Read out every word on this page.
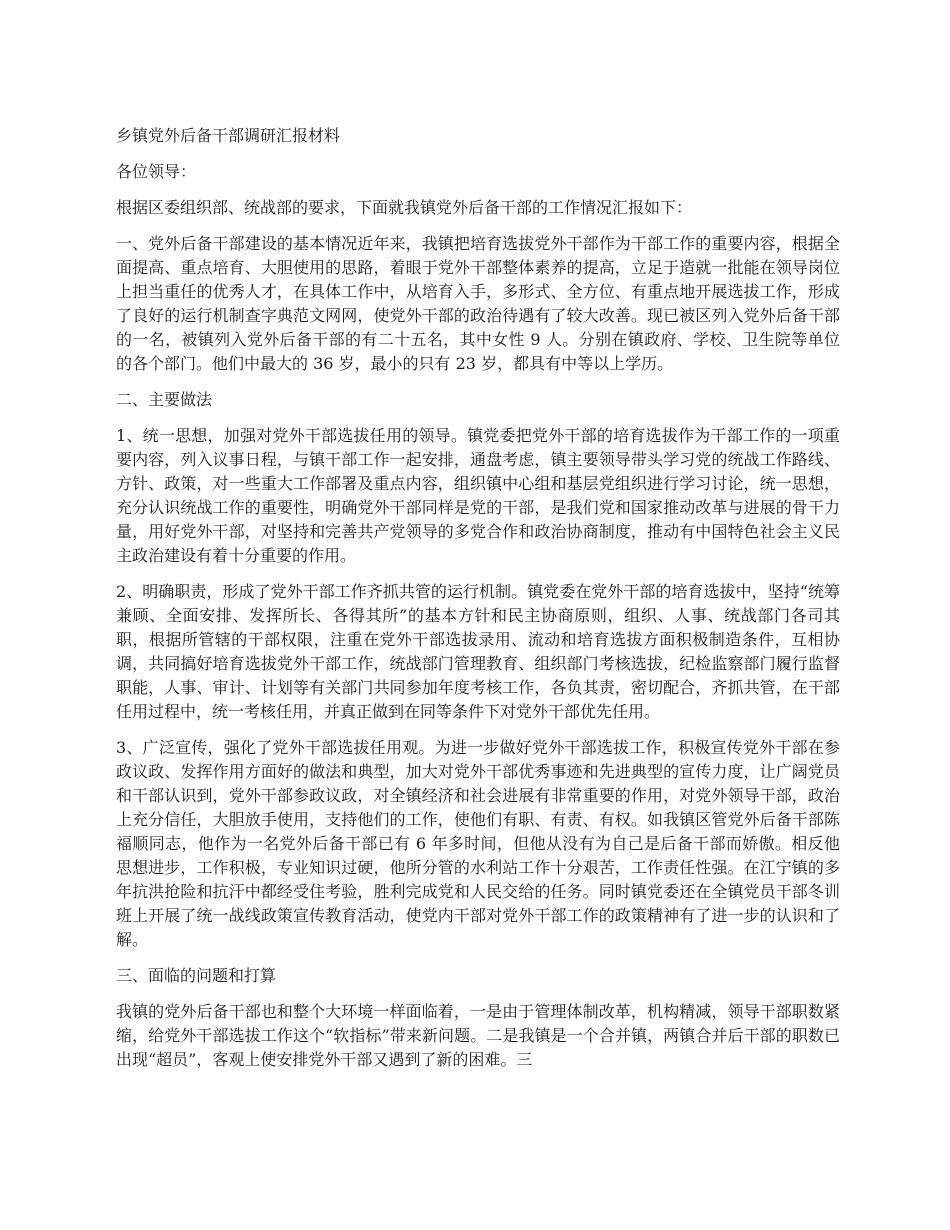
乡镇党外后备干部调研汇报材料

各位领导：

根据区委组织部、统战部的要求，下面就我镇党外后备干部的工作情况汇报如下：

一、党外后备干部建设的基本情况近年来，我镇把培育选拔党外干部作为干部工作的重要内容，根据全面提高、重点培育、大胆使用的思路，着眼于党外干部整体素养的提高，立足于造就一批能在领导岗位上担当重任的优秀人才，在具体工作中，从培育入手，多形式、全方位、有重点地开展选拔工作，形成了良好的运行机制查字典范文网网，使党外干部的政治待遇有了较大改善。现已被区列入党外后备干部的一名，被镇列入党外后备干部的有二十五名，其中女性 9 人。分别在镇政府、学校、卫生院等单位的各个部门。他们中最大的 36 岁，最小的只有 23 岁，都具有中等以上学历。

二、主要做法

1、统一思想，加强对党外干部选拔任用的领导。镇党委把党外干部的培育选拔作为干部工作的一项重要内容，列入议事日程，与镇干部工作一起安排，通盘考虑，镇主要领导带头学习党的统战工作路线、方针、政策，对一些重大工作部署及重点内容，组织镇中心组和基层党组织进行学习讨论，统一思想，充分认识统战工作的重要性，明确党外干部同样是党的干部，是我们党和国家推动改革与进展的骨干力量，用好党外干部，对坚持和完善共产党领导的多党合作和政治协商制度，推动有中国特色社会主义民主政治建设有着十分重要的作用。

2、明确职责，形成了党外干部工作齐抓共管的运行机制。镇党委在党外干部的培育选拔中，坚持“统筹兼顾、全面安排、发挥所长、各得其所”的基本方针和民主协商原则，组织、人事、统战部门各司其职，根据所管辖的干部权限，注重在党外干部选拔录用、流动和培育选拔方面积极制造条件，互相协调，共同搞好培育选拔党外干部工作，统战部门管理教育、组织部门考核选拔，纪检监察部门履行监督职能，人事、审计、计划等有关部门共同参加年度考核工作，各负其责，密切配合，齐抓共管，在干部任用过程中，统一考核任用，并真正做到在同等条件下对党外干部优先任用。

3、广泛宣传，强化了党外干部选拔任用观。为进一步做好党外干部选拔工作，积极宣传党外干部在参政议政、发挥作用方面好的做法和典型，加大对党外干部优秀事迹和先进典型的宣传力度，让广阔党员和干部认识到，党外干部参政议政，对全镇经济和社会进展有非常重要的作用，对党外领导干部，政治上充分信任，大胆放手使用，支持他们的工作，使他们有职、有责、有权。如我镇区管党外后备干部陈福顺同志，他作为一名党外后备干部已有 6 年多时间，但他从没有为自己是后备干部而娇傲。相反他思想进步，工作积极，专业知识过硬，他所分管的水利站工作十分艰苦，工作责任性强。在江宁镇的多年抗洪抢险和抗汗中都经受住考验，胜利完成党和人民交给的任务。同时镇党委还在全镇党员干部冬训班上开展了统一战线政策宣传教育活动，使党内干部对党外干部工作的政策精神有了进一步的认识和了解。

三、面临的问题和打算

我镇的党外后备干部也和整个大环境一样面临着，一是由于管理体制改革，机构精减，领导干部职数紧缩，给党外干部选拔工作这个“软指标”带来新问题。二是我镇是一个合并镇，两镇合并后干部的职数已出现“超员”，客观上使安排党外干部又遇到了新的困难。三
